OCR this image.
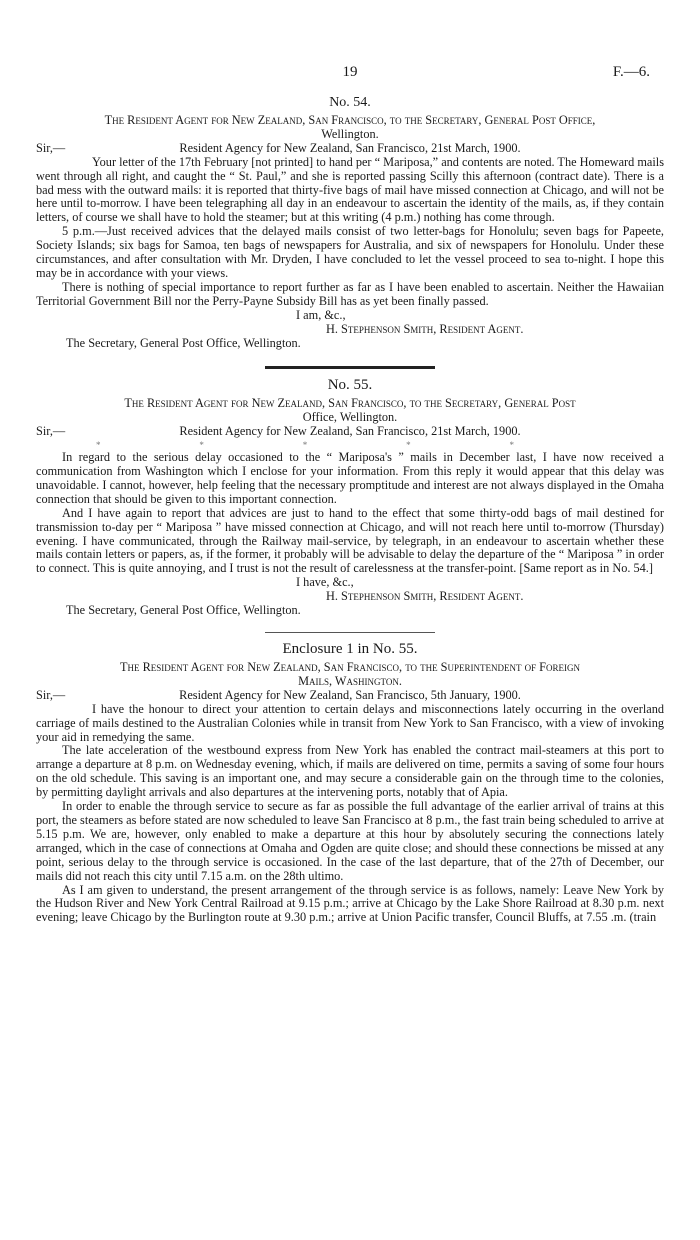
19	F.—6.
No. 54.
The Resident Agent for New Zealand, San Francisco, to the Secretary, General Post Office,
Wellington.
Sir,—	Resident Agency for New Zealand, San Francisco, 21st March, 1900.

Your letter of the 17th February [not printed] to hand per “ Mariposa,” and contents are noted. The Homeward mails went through all right, and caught the “ St. Paul,” and she is reported passing Scilly this afternoon (contract date). There is a bad mess with the outward mails: it is reported that thirty-five bags of mail have missed connection at Chicago, and will not be here until to-morrow. I have been telegraphing all day in an endeavour to ascertain the identity of the mails, as, if they contain letters, of course we shall have to hold the steamer; but at this writing (4 p.m.) nothing has come through.

5 p.m.—Just received advices that the delayed mails consist of two letter-bags for Honolulu; seven bags for Papeete, Society Islands; six bags for Samoa, ten bags of newspapers for Australia, and six of newspapers for Honolulu. Under these circumstances, and after consultation with Mr. Dryden, I have concluded to let the vessel proceed to sea to-night. I hope this may be in accordance with your views.

There is nothing of special importance to report further as far as I have been enabled to ascertain. Neither the Hawaiian Territorial Government Bill nor the Perry-Payne Subsidy Bill has as yet been finally passed.

I am, &c.,
H. Stephenson Smith, Resident Agent.
The Secretary, General Post Office, Wellington.
No. 55.
The Resident Agent for New Zealand, San Francisco, to the Secretary, General Post
Office, Wellington.
Sir,—	Resident Agency for New Zealand, San Francisco, 21st March, 1900.
*	*	*	*	*

In regard to the serious delay occasioned to the “ Mariposa's ” mails in December last, I have now received a communication from Washington which I enclose for your information. From this reply it would appear that this delay was unavoidable. I cannot, however, help feeling that the necessary promptitude and interest are not always displayed in the Omaha connection that should be given to this important connection.

And I have again to report that advices are just to hand to the effect that some thirty-odd bags of mail destined for transmission to-day per “ Mariposa ” have missed connection at Chicago, and will not reach here until to-morrow (Thursday) evening. I have communicated, through the Railway mail-service, by telegraph, in an endeavour to ascertain whether these mails contain letters or papers, as, if the former, it probably will be advisable to delay the departure of the “ Mariposa ” in order to connect. This is quite annoying, and I trust is not the result of carelessness at the transfer-point. [Same report as in No. 54.]

I have, &c.,
H. Stephenson Smith, Resident Agent.
The Secretary, General Post Office, Wellington.
Enclosure 1 in No. 55.
The Resident Agent for New Zealand, San Francisco, to the Superintendent of Foreign
Mails, Washington.
Sir,—	Resident Agency for New Zealand, San Francisco, 5th January, 1900.

I have the honour to direct your attention to certain delays and misconnections lately occurring in the overland carriage of mails destined to the Australian Colonies while in transit from New York to San Francisco, with a view of invoking your aid in remedying the same.

The late acceleration of the westbound express from New York has enabled the contract mail-steamers at this port to arrange a departure at 8 p.m. on Wednesday evening, which, if mails are delivered on time, permits a saving of some four hours on the old schedule. This saving is an important one, and may secure a considerable gain on the through time to the colonies, by permitting daylight arrivals and also departures at the intervening ports, notably that of Apia.

In order to enable the through service to secure as far as possible the full advantage of the earlier arrival of trains at this port, the steamers as before stated are now scheduled to leave San Francisco at 8 p.m., the fast train being scheduled to arrive at 5.15 p.m. We are, however, only enabled to make a departure at this hour by absolutely securing the connections lately arranged, which in the case of connections at Omaha and Ogden are quite close; and should these connections be missed at any point, serious delay to the through service is occasioned. In the case of the last departure, that of the 27th of December, our mails did not reach this city until 7.15 a.m. on the 28th ultimo.

As I am given to understand, the present arrangement of the through service is as follows, namely: Leave New York by the Hudson River and New York Central Railroad at 9.15 p.m.; arrive at Chicago by the Lake Shore Railroad at 8.30 p.m. next evening; leave Chicago by the Burlington route at 9.30 p.m.; arrive at Union Pacific transfer, Council Bluffs, at 7.55 .m. (train
